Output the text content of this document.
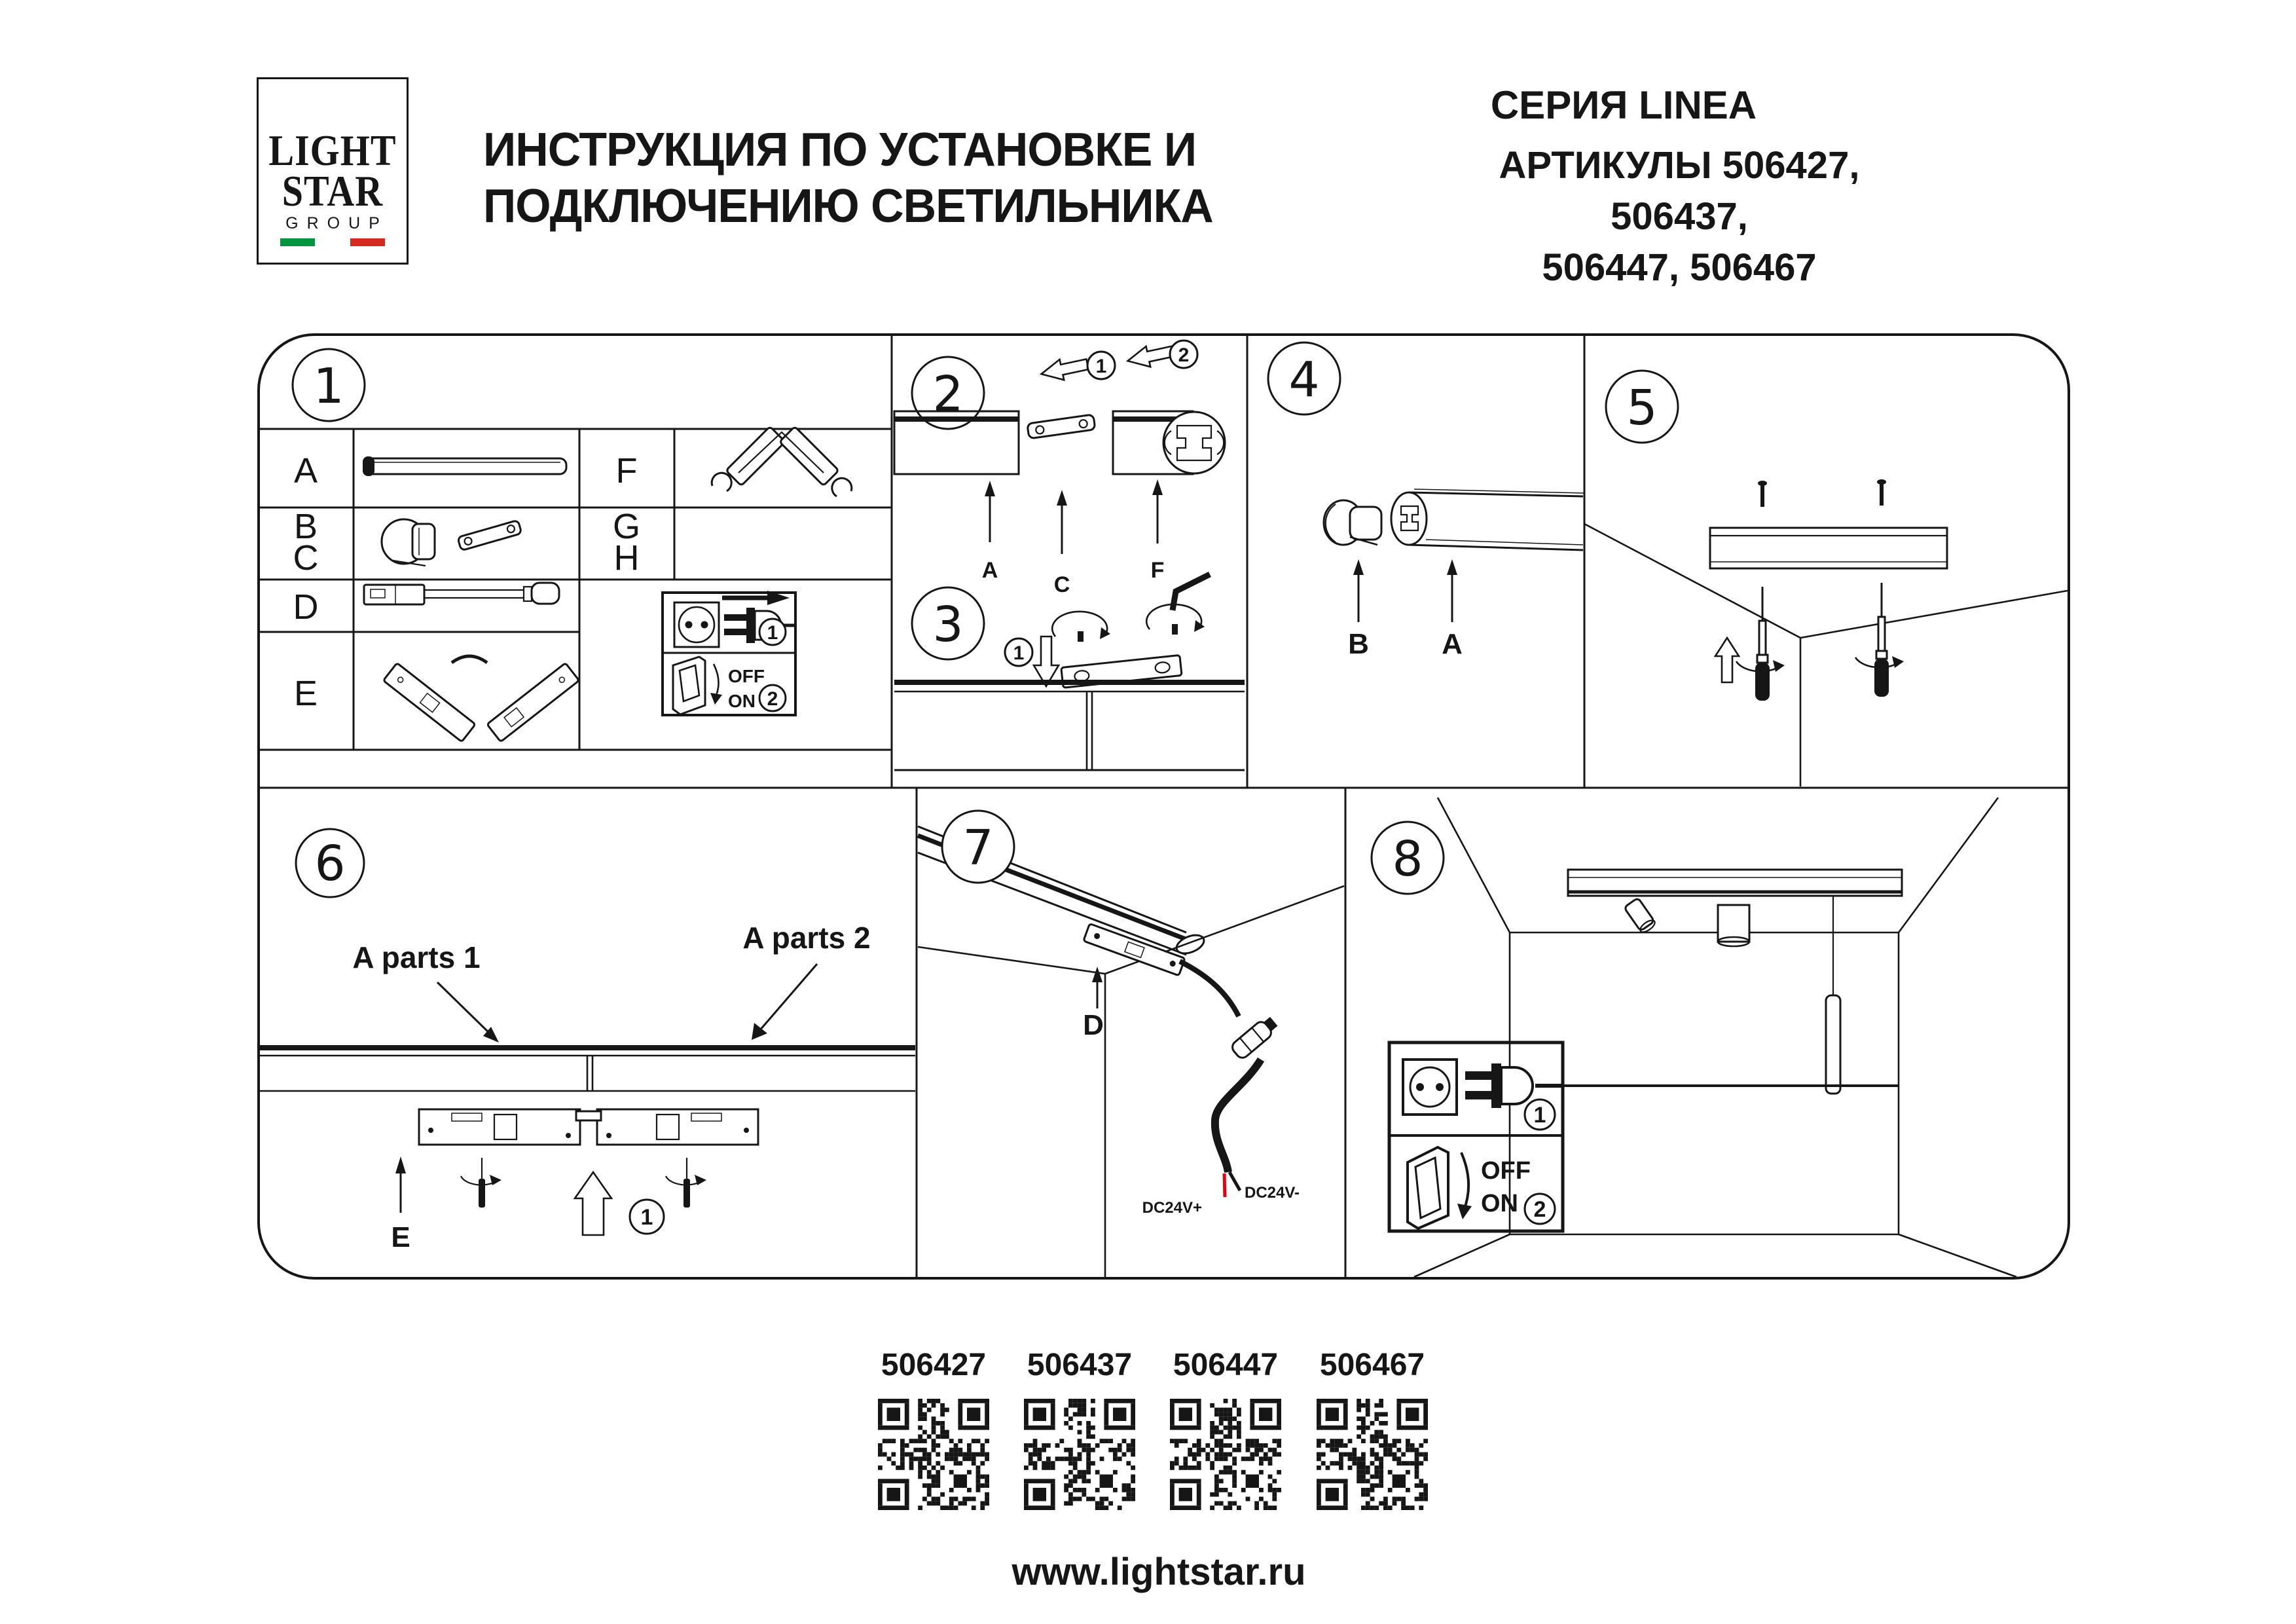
LIGHT
STAR
GROUP
ИНСТРУКЦИЯ ПО УСТАНОВКЕ И
ПОДКЛЮЧЕНИЮ СВЕТИЛЬНИКА
СЕРИЯ LINEA
АРТИКУЛЫ 506427, 506437,
506447, 506467
1
A
B
C
D
E
F
G
H
1
OFF
ON 2
2	1
2
A
C
F
3
1
4
B	A
5
6
A parts 1
A parts 2
E
1
7
D
DC24V-
DC24V+
8
1
OFF
ON 2
506427 506437 506447 506467
www.lightstar.ru
